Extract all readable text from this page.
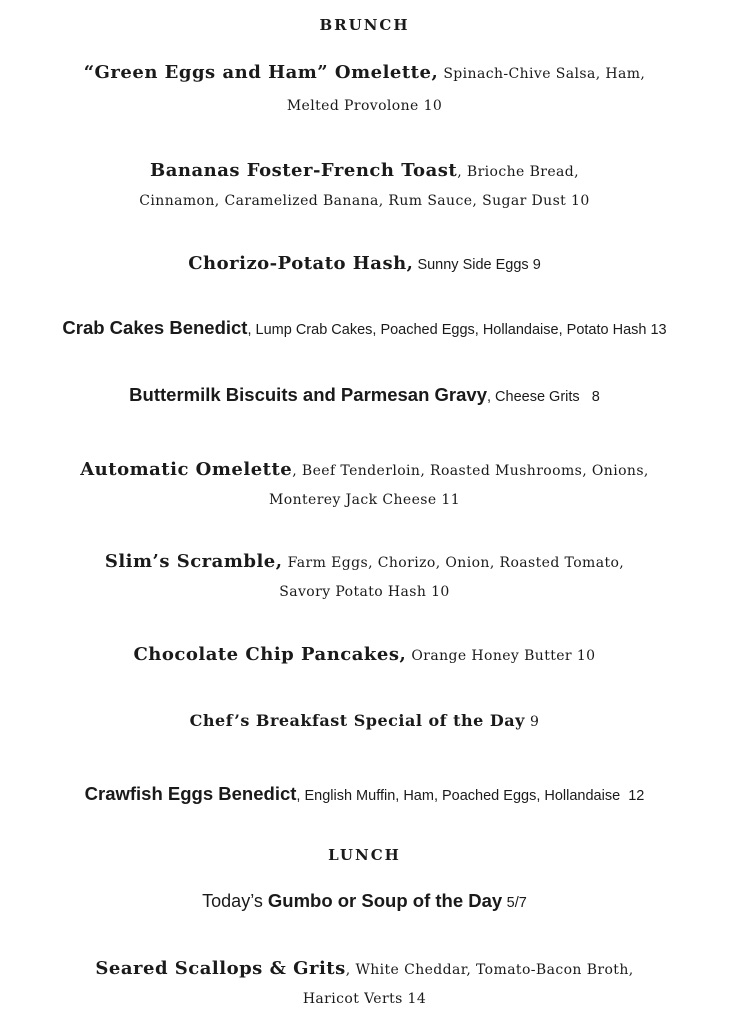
BRUNCH
“Green Eggs and Ham” Omelette, Spinach-Chive Salsa, Ham,
Melted Provolone 10
Bananas Foster-French Toast, Brioche Bread,
Cinnamon, Caramelized Banana, Rum Sauce, Sugar Dust 10
Chorizo-Potato Hash, Sunny Side Eggs 9
Crab Cakes Benedict, Lump Crab Cakes, Poached Eggs, Hollandaise, Potato Hash 13
Buttermilk Biscuits and Parmesan Gravy, Cheese Grits   8
Automatic Omelette, Beef Tenderloin, Roasted Mushrooms, Onions,
Monterey Jack Cheese 11
Slim’s Scramble, Farm Eggs, Chorizo, Onion, Roasted Tomato,
Savory Potato Hash 10
Chocolate Chip Pancakes, Orange Honey Butter 10
Chef’s Breakfast Special of the Day 9
Crawfish Eggs Benedict, English Muffin, Ham, Poached Eggs, Hollandaise  12
LUNCH
Today’s Gumbo or Soup of the Day 5/7
Seared Scallops & Grits, White Cheddar, Tomato-Bacon Broth,
Haricot Verts 14
